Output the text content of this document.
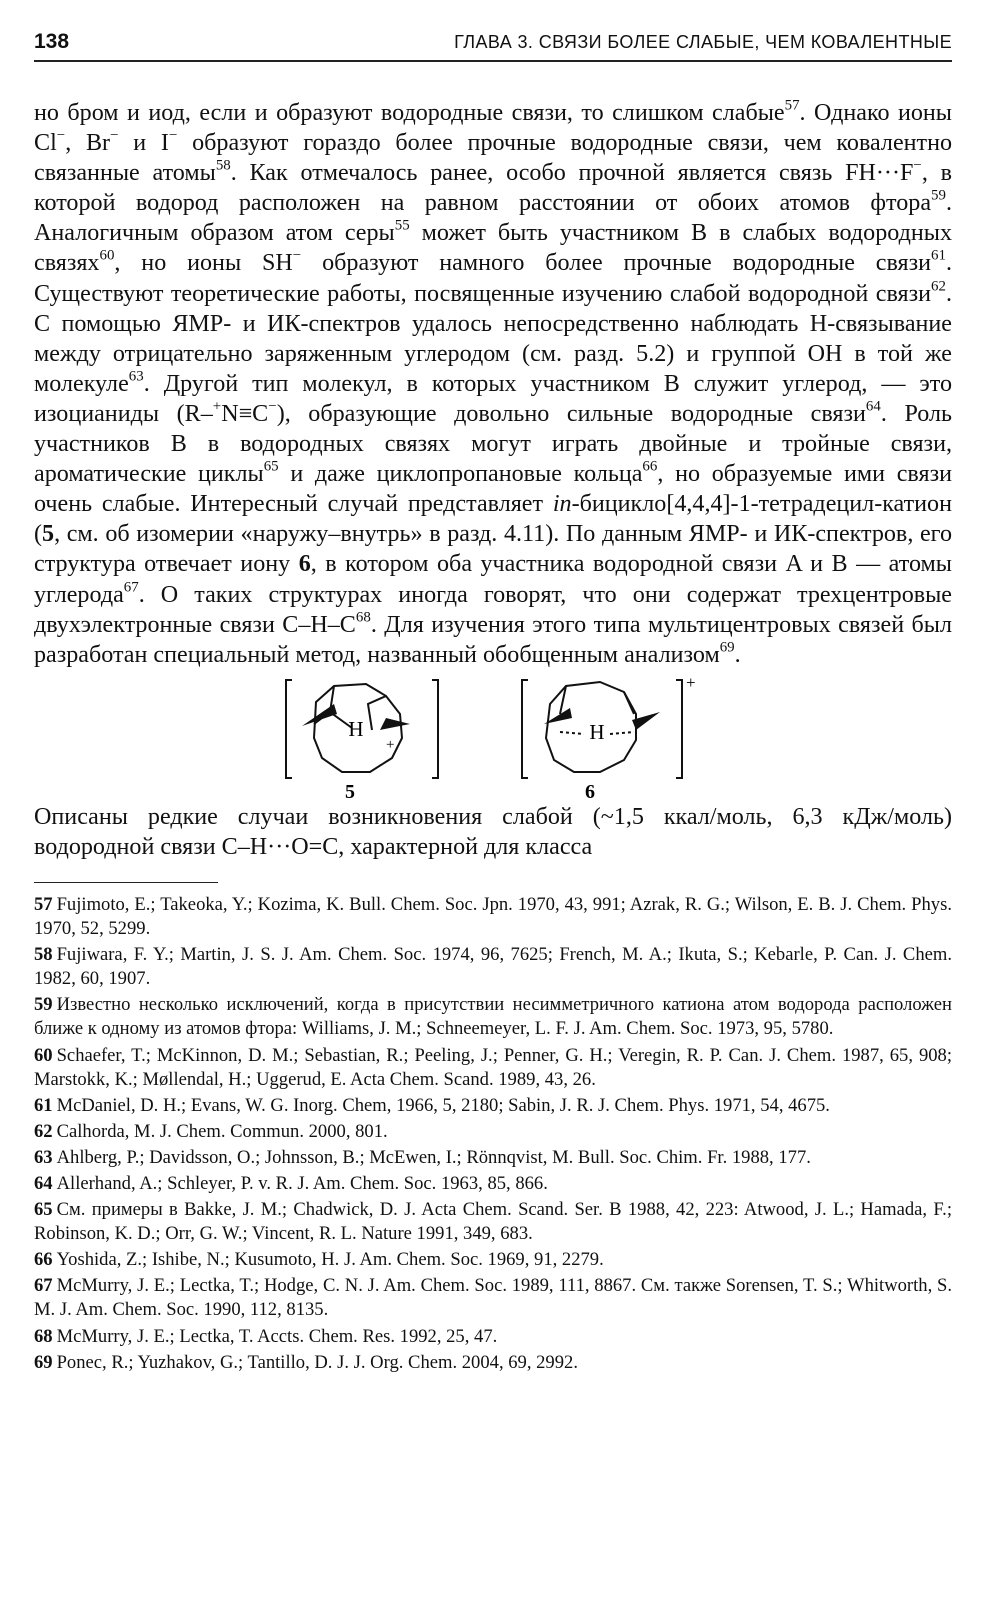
138	ГЛАВА 3. СВЯЗИ БОЛЕЕ СЛАБЫЕ, ЧЕМ КОВАЛЕНТНЫЕ

но бром и иод, если и образуют водородные связи, то слишком слабые$^{57}$. Однако ионы Cl−, Br− и I− образуют гораздо более прочные водородные связи, чем ковалентно связанные атомы$^{58}$. Как отмечалось ранее, особо прочной является связь FH···F−, в которой водород расположен на равном расстоянии от обоих атомов фтора$^{59}$. Аналогичным образом атом серы$^{55}$ может быть участником B в слабых водородных связях$^{60}$, но ионы SH− образуют намного более прочные водородные связи$^{61}$. Существуют теоретические работы, посвященные изучению слабой водородной связи$^{62}$. С помощью ЯМР- и ИК-спектров удалось непосредственно наблюдать H-связывание между отрицательно заряженным углеродом (см. разд. 5.2) и группой OH в той же молекуле$^{63}$. Другой тип молекул, в которых участником B служит углерод, — это изоцианиды (R–+N≡C−), образующие довольно сильные водородные связи$^{64}$. Роль участников B в водородных связях могут играть двойные и тройные связи, ароматические циклы$^{65}$ и даже циклопропановые кольца$^{66}$, но образуемые ими связи очень слабые. Интересный случай представляет in-бицикло[4,4,4]-1-тетрадецил-катион (5, см. об изомерии «наружу–внутрь» в разд. 4.11). По данным ЯМР- и ИК-спектров, его структура отвечает иону 6, в котором оба участника водородной связи A и B — атомы углерода$^{67}$. О таких структурах иногда говорят, что они содержат трехцентровые двухэлектронные связи $C-H-C^{68}$. Для изучения этого типа мультицентровых связей был разработан специальный метод, названный обобщенным анализом$^{69}$.

H
+
5
H
+
6

Описаны редкие случаи возникновения слабой (~1,5 ккал/моль, 6,3 кДж/моль) водородной связи C–H···O=C, характерной для класса

57 Fujimoto, E.; Takeoka, Y.; Kozima, K. Bull. Chem. Soc. Jpn. 1970, 43, 991; Azrak, R. G.; Wilson, E. B. J. Chem. Phys. 1970, 52, 5299.

58 Fujiwara, F. Y.; Martin, J. S. J. Am. Chem. Soc. 1974, 96, 7625; French, M. A.; Ikuta, S.; Kebarle, P. Can. J. Chem. 1982, 60, 1907.

59 Известно несколько исключений, когда в присутствии несимметричного катиона атом водорода расположен ближе к одному из атомов фтора: Williams, J. M.; Schneemeyer, L. F. J. Am. Chem. Soc. 1973, 95, 5780.

60 Schaefer, T.; McKinnon, D. M.; Sebastian, R.; Peeling, J.; Penner, G. H.; Veregin, R. P. Can. J. Chem. 1987, 65, 908; Marstokk, K.; Møllendal, H.; Uggerud, E. Acta Chem. Scand. 1989, 43, 26.

61 McDaniel, D. H.; Evans, W. G. Inorg. Chem, 1966, 5, 2180; Sabin, J. R. J. Chem. Phys. 1971, 54, 4675.

62 Calhorda, M. J. Chem. Commun. 2000, 801.

63 Ahlberg, P.; Davidsson, O.; Johnsson, B.; McEwen, I.; Rönnqvist, M. Bull. Soc. Chim. Fr. 1988, 177.

64 Allerhand, A.; Schleyer, P. v. R. J. Am. Chem. Soc. 1963, 85, 866.

65 См. примеры в Bakke, J. M.; Chadwick, D. J. Acta Chem. Scand. Ser. B 1988, 42, 223: Atwood, J. L.; Hamada, F.; Robinson, K. D.; Orr, G. W.; Vincent, R. L. Nature 1991, 349, 683.

66 Yoshida, Z.; Ishibe, N.; Kusumoto, H. J. Am. Chem. Soc. 1969, 91, 2279.

67 McMurry, J. E.; Lectka, T.; Hodge, C. N. J. Am. Chem. Soc. 1989, 111, 8867. См. также Sorensen, T. S.; Whitworth, S. M. J. Am. Chem. Soc. 1990, 112, 8135.

68 McMurry, J. E.; Lectka, T. Accts. Chem. Res. 1992, 25, 47.

69 Ponec, R.; Yuzhakov, G.; Tantillo, D. J. J. Org. Chem. 2004, 69, 2992.
